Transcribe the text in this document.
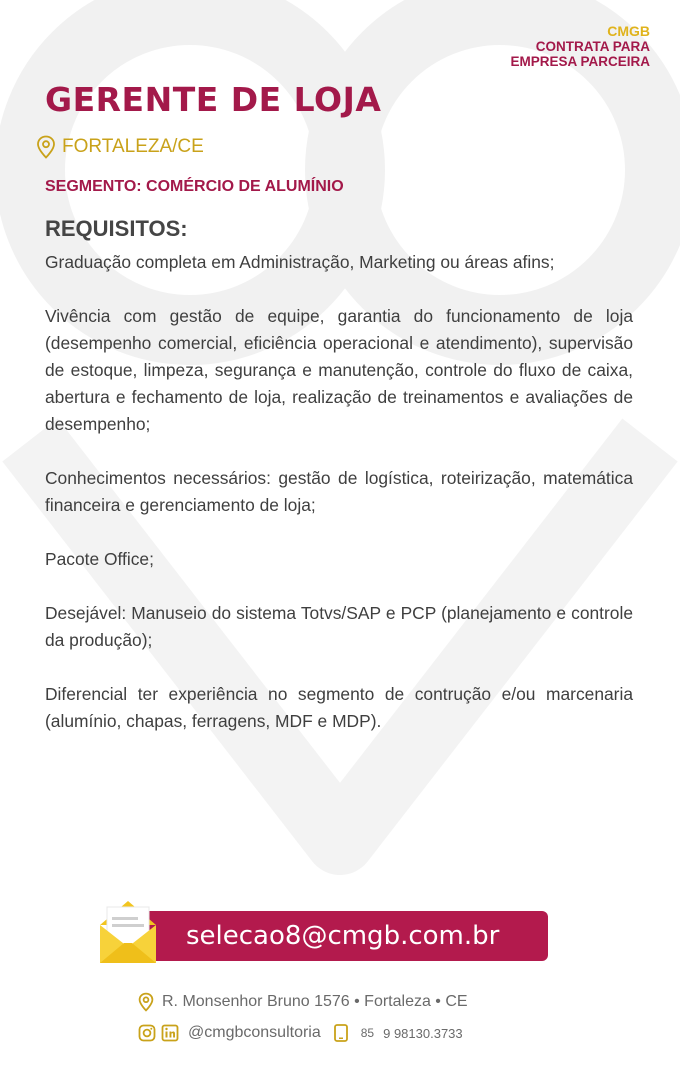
CMGB
CONTRATA PARA
EMPRESA PARCEIRA
GERENTE DE LOJA
FORTALEZA/CE
SEGMENTO: COMÉRCIO DE ALUMÍNIO
REQUISITOS:

Graduação completa em Administração, Marketing ou áreas afins;

Vivência com gestão de equipe, garantia do funcionamento de loja (desempenho comercial, eficiência operacional e atendimento), supervisão de estoque, limpeza, segurança e manutenção, controle do fluxo de caixa, abertura e fechamento de loja, realização de treinamentos e avaliações de desempenho;

Conhecimentos necessários: gestão de logística, roteirização, matemática financeira e gerenciamento de loja;

Pacote Office;

Desejável: Manuseio do sistema Totvs/SAP e PCP (planejamento e controle da produção);

Diferencial ter experiência no segmento de contrução e/ou marcenaria (alumínio, chapas, ferragens, MDF e MDP).

selecao8@cmgb.com.br
R. Monsenhor Bruno 1576 • Fortaleza • CE
@cmgbconsultoria	85 9 98130.3733
